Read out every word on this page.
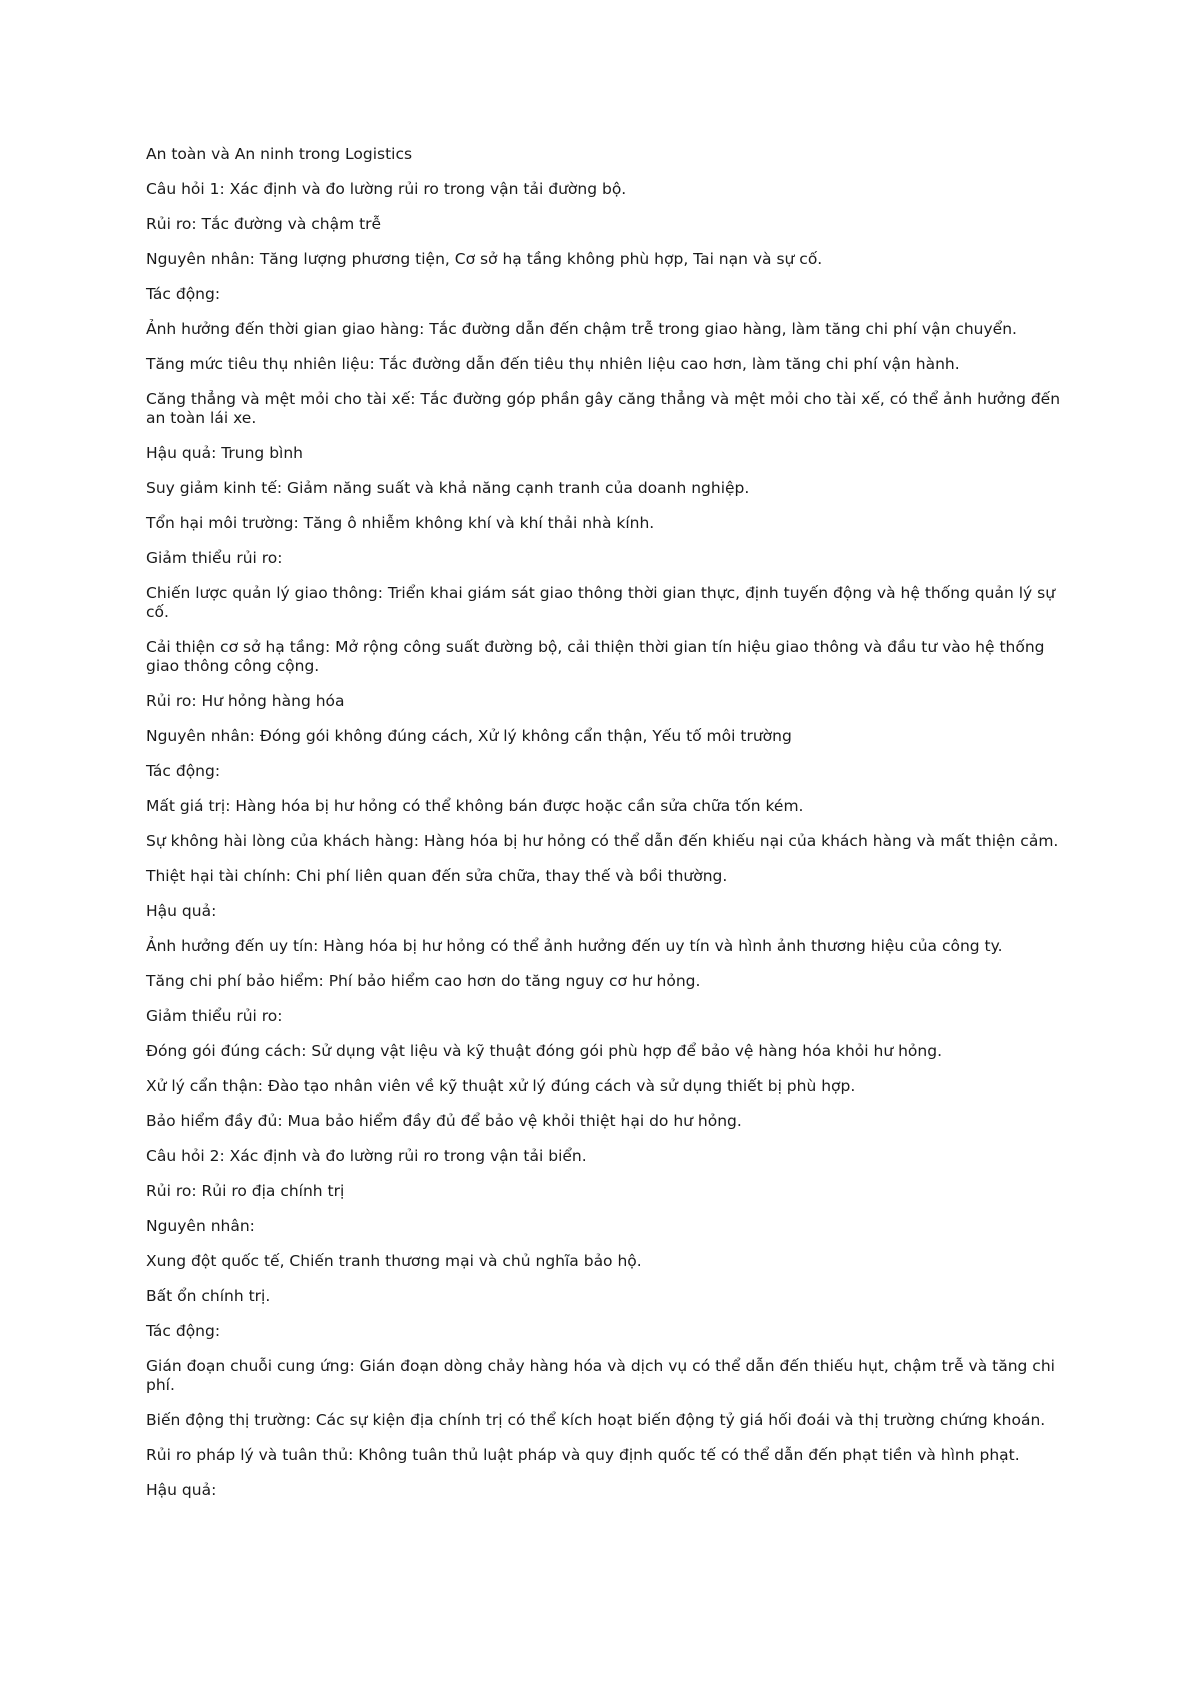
An toàn và An ninh trong Logistics

Câu hỏi 1: Xác định và đo lường rủi ro trong vận tải đường bộ.

Rủi ro: Tắc đường và chậm trễ

Nguyên nhân: Tăng lượng phương tiện, Cơ sở hạ tầng không phù hợp, Tai nạn và sự cố.

Tác động:

Ảnh hưởng đến thời gian giao hàng: Tắc đường dẫn đến chậm trễ trong giao hàng, làm tăng chi phí vận chuyển.

Tăng mức tiêu thụ nhiên liệu: Tắc đường dẫn đến tiêu thụ nhiên liệu cao hơn, làm tăng chi phí vận hành.

Căng thẳng và mệt mỏi cho tài xế: Tắc đường góp phần gây căng thẳng và mệt mỏi cho tài xế, có thể ảnh hưởng đến an toàn lái xe.

Hậu quả: Trung bình

Suy giảm kinh tế: Giảm năng suất và khả năng cạnh tranh của doanh nghiệp.

Tổn hại môi trường: Tăng ô nhiễm không khí và khí thải nhà kính.

Giảm thiểu rủi ro:

Chiến lược quản lý giao thông: Triển khai giám sát giao thông thời gian thực, định tuyến động và hệ thống quản lý sự cố.

Cải thiện cơ sở hạ tầng: Mở rộng công suất đường bộ, cải thiện thời gian tín hiệu giao thông và đầu tư vào hệ thống giao thông công cộng.

Rủi ro: Hư hỏng hàng hóa

Nguyên nhân: Đóng gói không đúng cách, Xử lý không cẩn thận, Yếu tố môi trường

Tác động:

Mất giá trị: Hàng hóa bị hư hỏng có thể không bán được hoặc cần sửa chữa tốn kém.

Sự không hài lòng của khách hàng: Hàng hóa bị hư hỏng có thể dẫn đến khiếu nại của khách hàng và mất thiện cảm.

Thiệt hại tài chính: Chi phí liên quan đến sửa chữa, thay thế và bồi thường.

Hậu quả:

Ảnh hưởng đến uy tín: Hàng hóa bị hư hỏng có thể ảnh hưởng đến uy tín và hình ảnh thương hiệu của công ty.

Tăng chi phí bảo hiểm: Phí bảo hiểm cao hơn do tăng nguy cơ hư hỏng.

Giảm thiểu rủi ro:

Đóng gói đúng cách: Sử dụng vật liệu và kỹ thuật đóng gói phù hợp để bảo vệ hàng hóa khỏi hư hỏng.

Xử lý cẩn thận: Đào tạo nhân viên về kỹ thuật xử lý đúng cách và sử dụng thiết bị phù hợp.

Bảo hiểm đầy đủ: Mua bảo hiểm đầy đủ để bảo vệ khỏi thiệt hại do hư hỏng.

Câu hỏi 2: Xác định và đo lường rủi ro trong vận tải biển.

Rủi ro: Rủi ro địa chính trị

Nguyên nhân:

Xung đột quốc tế, Chiến tranh thương mại và chủ nghĩa bảo hộ.

Bất ổn chính trị.

Tác động:

Gián đoạn chuỗi cung ứng: Gián đoạn dòng chảy hàng hóa và dịch vụ có thể dẫn đến thiếu hụt, chậm trễ và tăng chi phí.

Biến động thị trường: Các sự kiện địa chính trị có thể kích hoạt biến động tỷ giá hối đoái và thị trường chứng khoán.

Rủi ro pháp lý và tuân thủ: Không tuân thủ luật pháp và quy định quốc tế có thể dẫn đến phạt tiền và hình phạt.

Hậu quả:
